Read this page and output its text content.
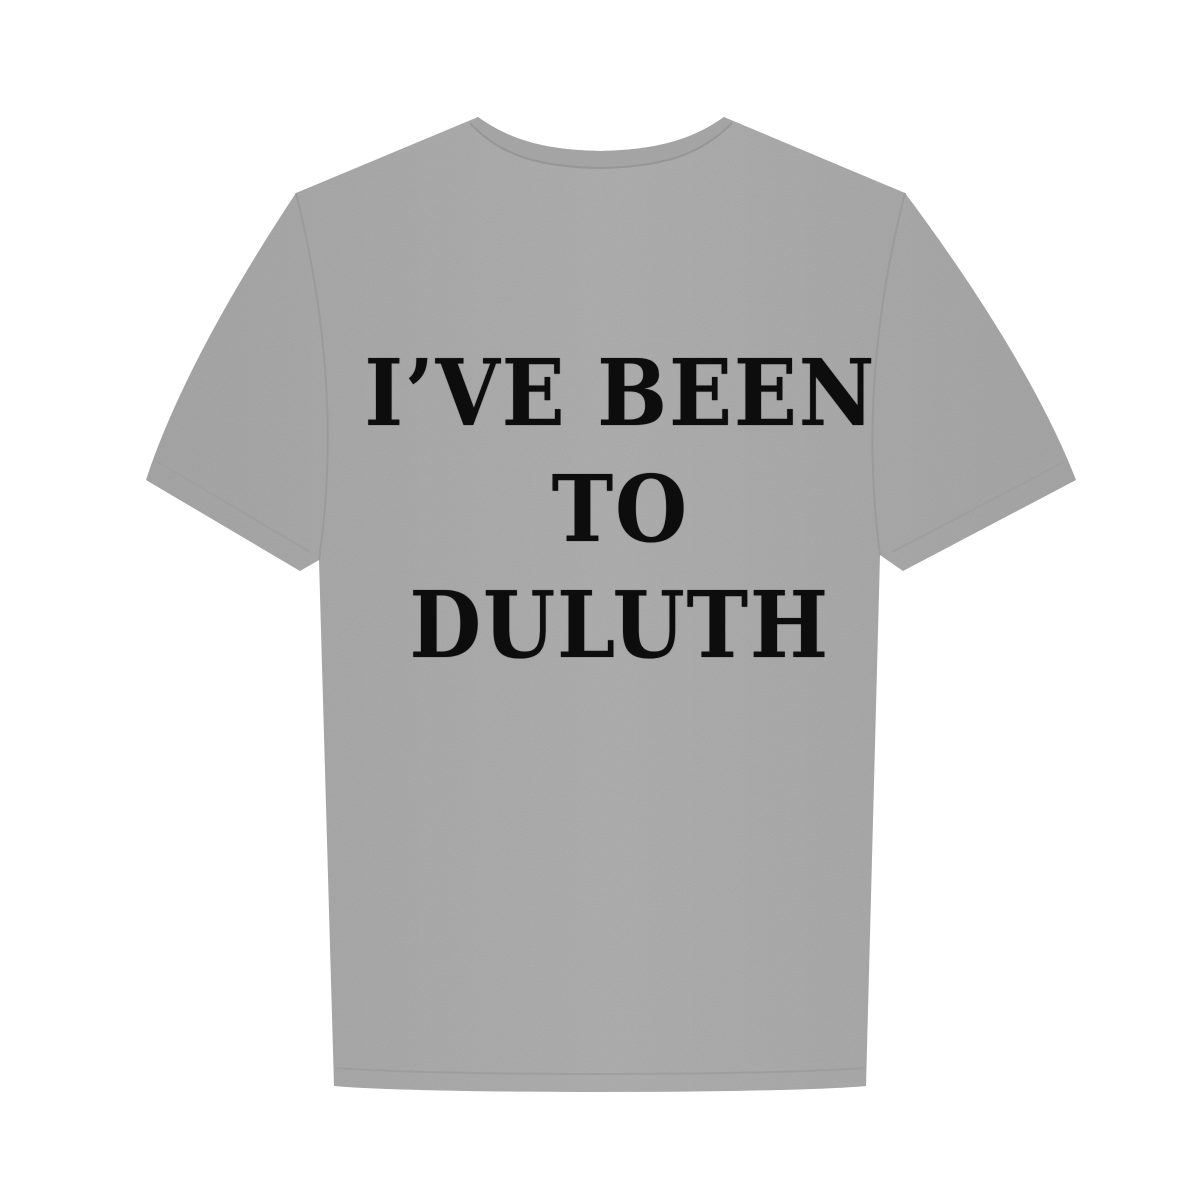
I’VE BEEN
TO
DULUTH
